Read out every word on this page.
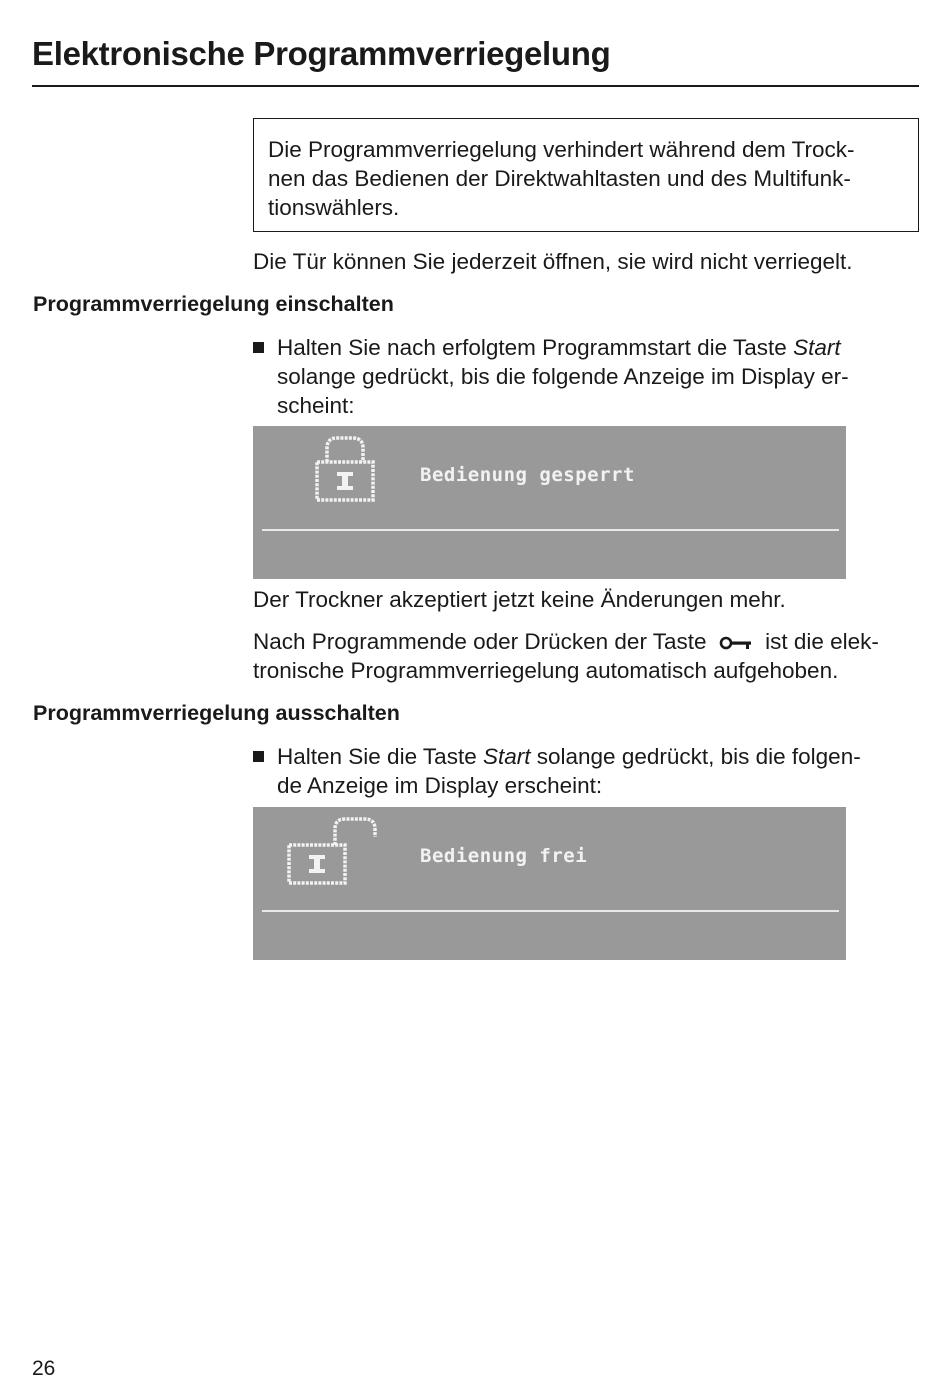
Elektronische Programmverriegelung

Die Programmverriegelung verhindert während dem Trock-

nen das Bedienen der Direktwahltasten und des Multifunk-

tionswählers.

Die Tür können Sie jederzeit öffnen, sie wird nicht verriegelt.

Programmverriegelung einschalten

Halten Sie nach erfolgtem Programmstart die Taste Start

solange gedrückt, bis die folgende Anzeige im Display er-

scheint:

Bedienung gesperrt

Der Trockner akzeptiert jetzt keine Änderungen mehr.

Nach Programmende oder Drücken der Taste	ist die elek-

tronische Programmverriegelung automatisch aufgehoben.

Programmverriegelung ausschalten

Halten Sie die Taste Start solange gedrückt, bis die folgen-

de Anzeige im Display erscheint:

Bedienung frei
26
